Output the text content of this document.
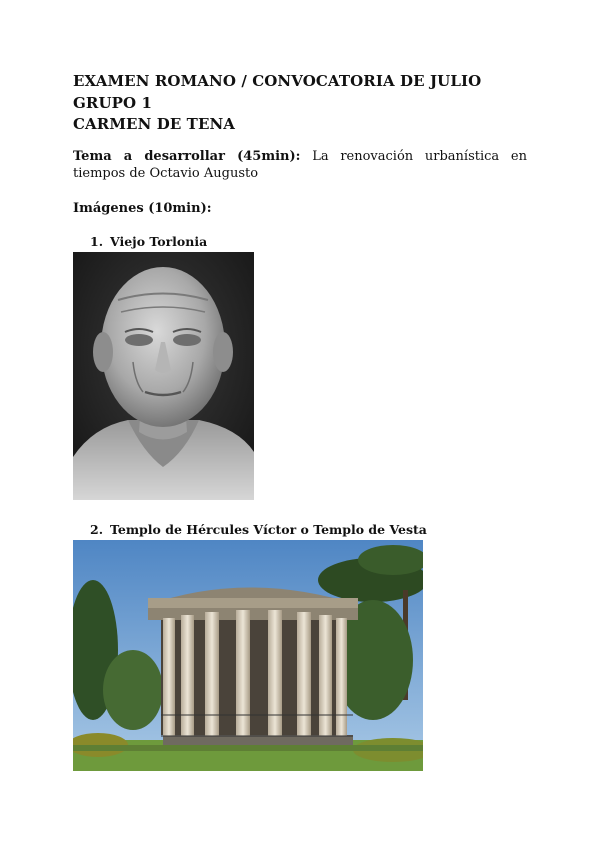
EXAMEN ROMANO / CONVOCATORIA DE JULIO
GRUPO 1
CARMEN DE TENA
Tema a desarrollar (45min): La renovación urbanística en tiempos de Octavio Augusto
Imágenes (10min):
1. Viejo Torlonia
2. Templo de Hércules Víctor o Templo de Vesta
